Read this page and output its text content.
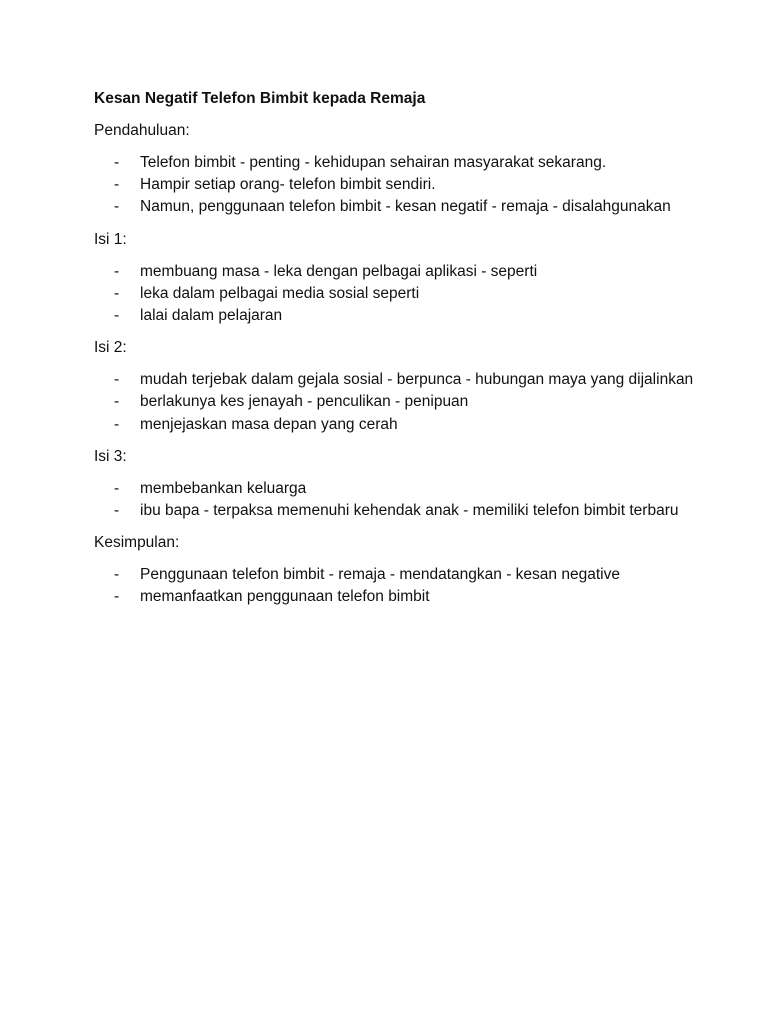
Kesan Negatif Telefon Bimbit kepada Remaja
Pendahuluan:
- Telefon bimbit - penting - kehidupan sehairan masyarakat sekarang.
- Hampir setiap orang- telefon bimbit sendiri.
- Namun, penggunaan telefon bimbit - kesan negatif - remaja - disalahgunakan
Isi 1:
- membuang masa - leka dengan pelbagai aplikasi - seperti
- leka dalam pelbagai media sosial seperti
- lalai dalam pelajaran
Isi 2:
- mudah terjebak dalam gejala sosial - berpunca - hubungan maya yang dijalinkan
- berlakunya kes jenayah - penculikan - penipuan
- menjejaskan masa depan yang cerah
Isi 3:
- membebankan keluarga
- ibu bapa - terpaksa memenuhi kehendak anak - memiliki telefon bimbit terbaru
Kesimpulan:
- Penggunaan telefon bimbit - remaja - mendatangkan - kesan negative
- memanfaatkan penggunaan telefon bimbit
